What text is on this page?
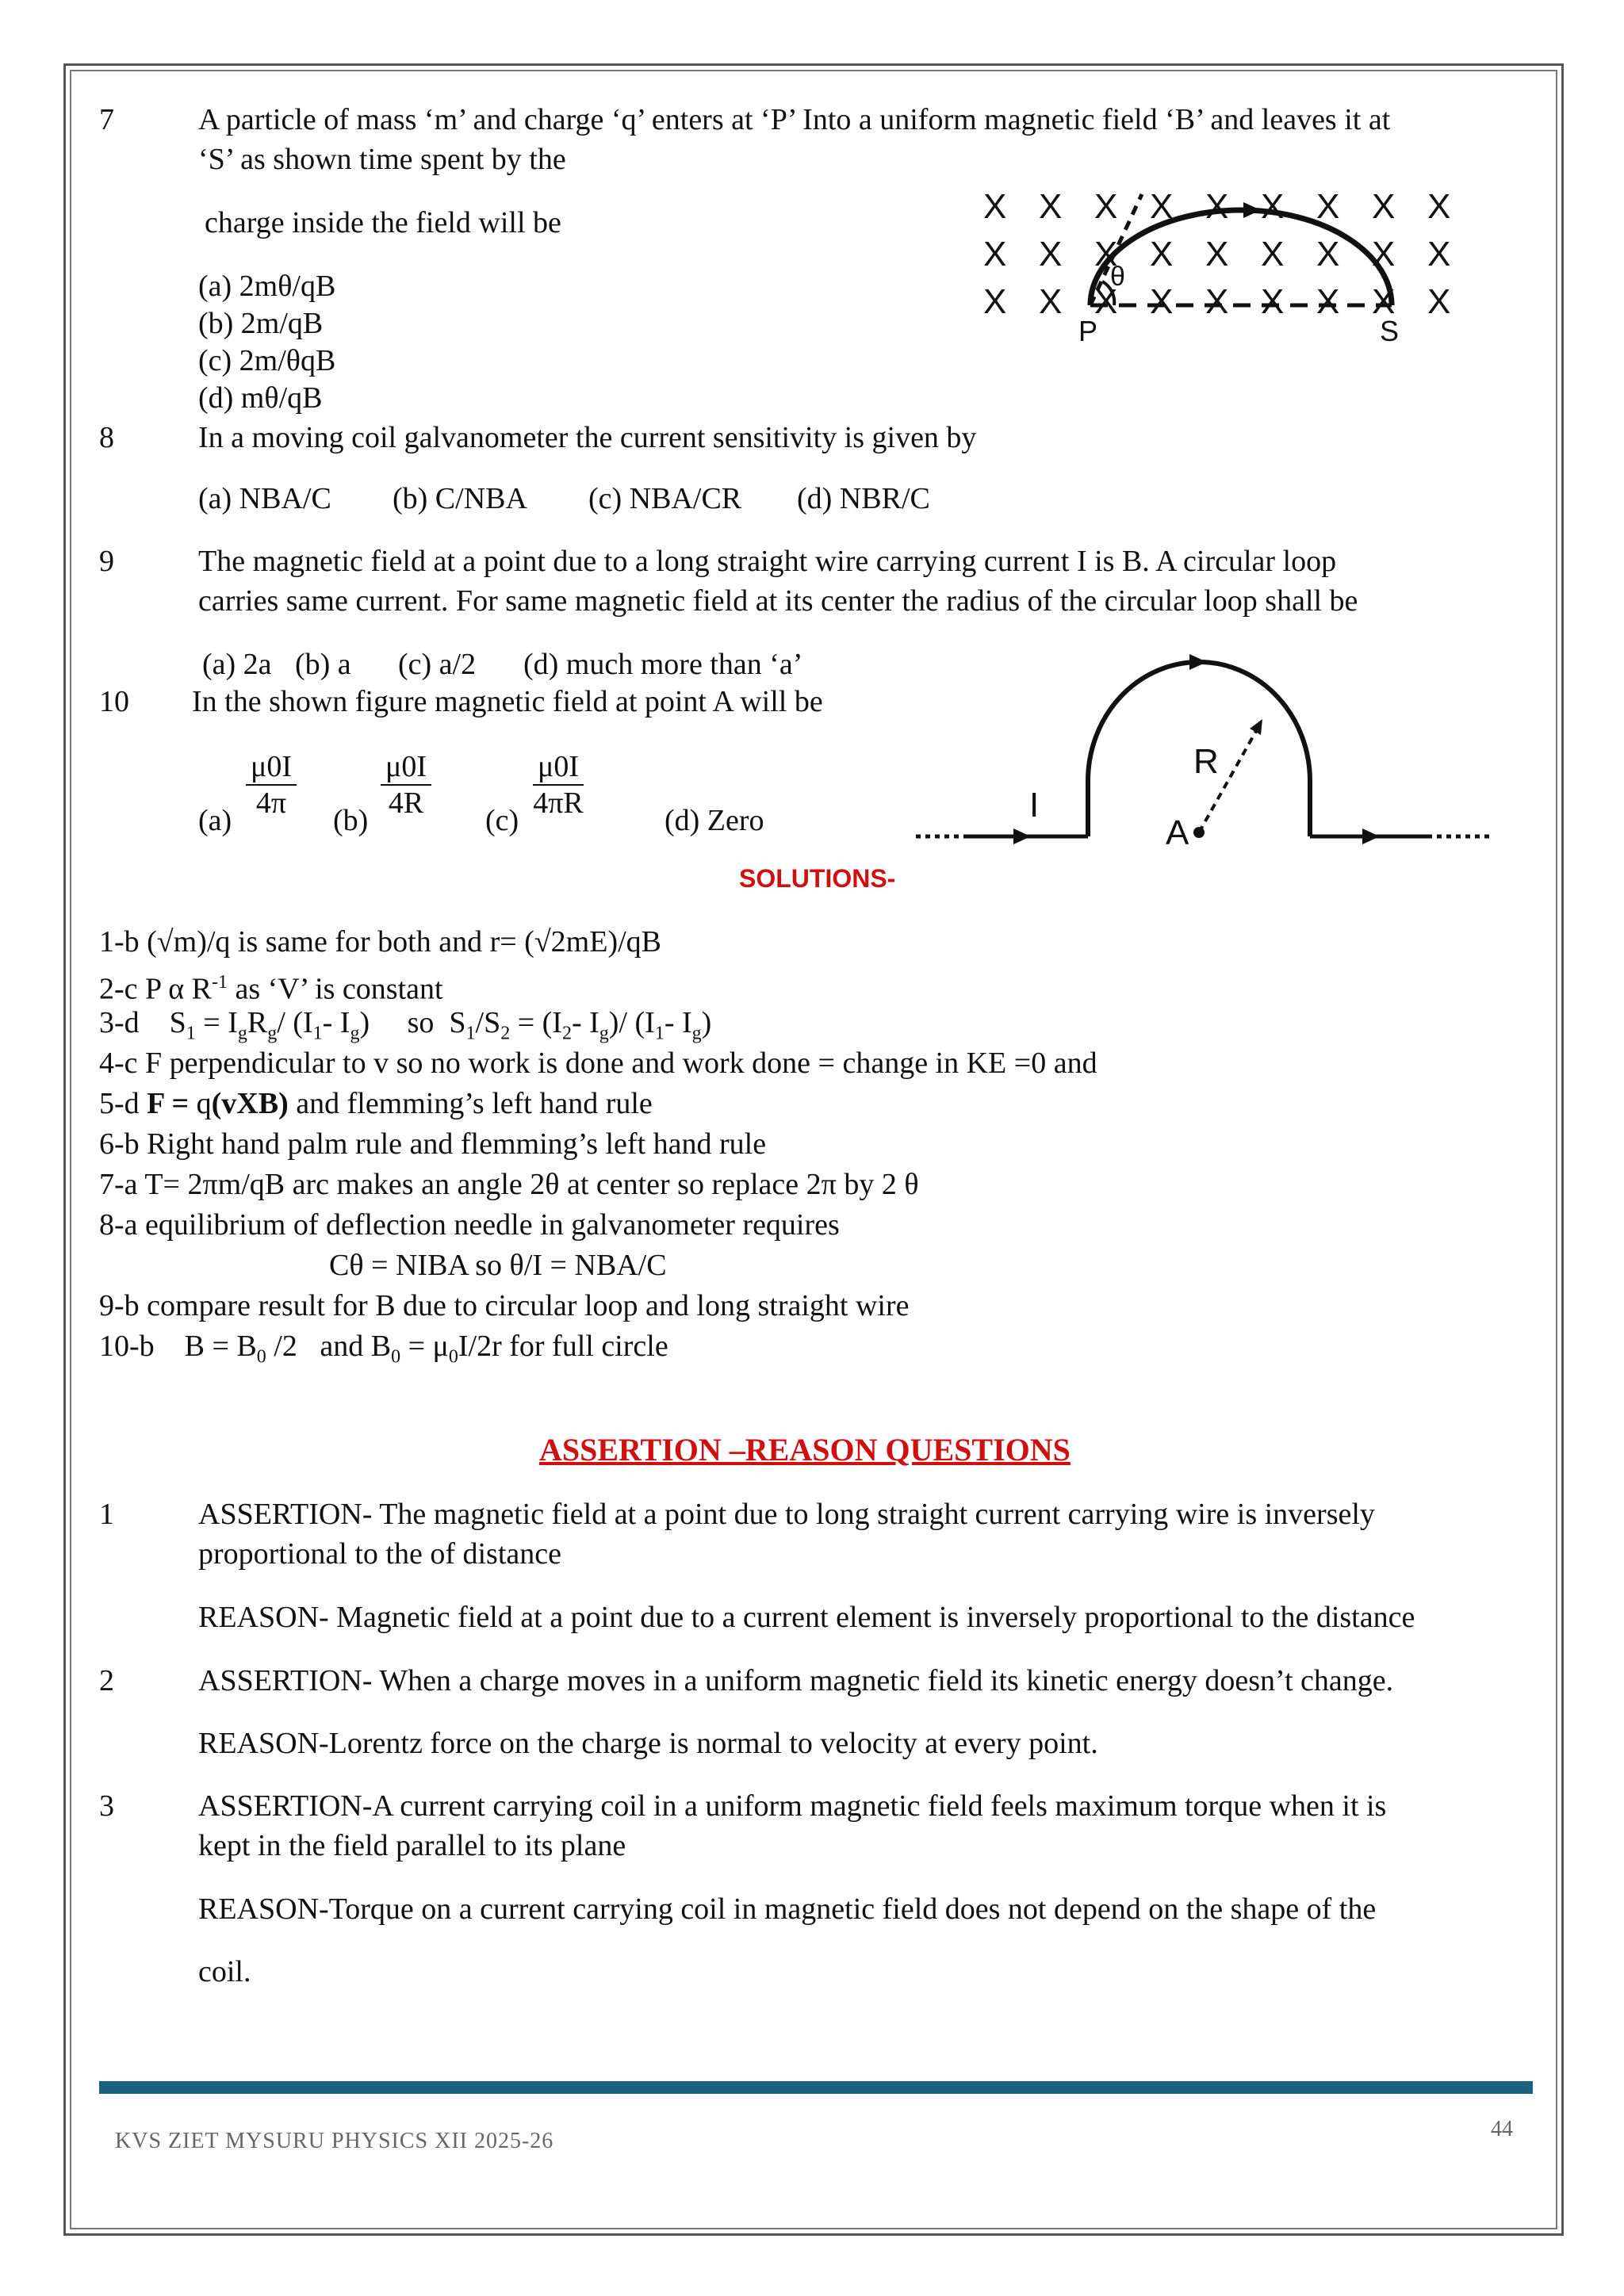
7	A particle of mass ‘m’ and charge ‘q’ enters at ‘P’ Into a uniform magnetic field ‘B’ and leaves it at
‘S’ as shown time spent by the
charge inside the field will be
(a) 2mθ/qB
(b) 2m/qB
(c) 2m/θqB
(d) mθ/qB
X X X X X X X X X
X X X X X X X X X
X X X X X X X X X
θ
P	S
8	In a moving coil galvanometer the current sensitivity is given by
(a) NBA/C (b) C/NBA (c) NBA/CR (d) NBR/C
9	The magnetic field at a point due to a long straight wire carrying current I is B. A circular loop
carries same current. For same magnetic field at its center the radius of the circular loop shall be
(a) 2a (b) a (c) a/2 (d) much more than ‘a’
10 In the shown figure magnetic field at point A will be
$(a) \frac{\mu 0I}{4\pi} (b) \frac{\mu 0I}{4R} (c) \frac{\mu 0I}{4\pi R}$	(d) Zero	I
R
A
SOLUTIONS-
1-b (√m)/q is same for both and r= (√2mE)/qB
2-c P α $R^{-1}$ as ‘V’ is constant
3-d    $S_1 = I_gR_g/$ ($I_1-$ $I_g$)     so  $S_1/S_2 = (I_2-$ $I_g)/$ ($I_1-$ $I_g$)
4-c F perpendicular to v so no work is done and work done = change in KE =0 and
5-d F = q(vXB) and flemming’s left hand rule
6-b Right hand palm rule and flemming’s left hand rule
7-a T= 2πm/qB arc makes an angle 2θ at center so replace 2π by 2 θ
8-a equilibrium of deflection needle in galvanometer requires
Cθ = NIBA so θ/I = NBA/C
9-b compare result for B due to circular loop and long straight wire
10-b    $B = B_0$ /2   and $B_0 = \mu_0I/2r$ for full circle
ASSERTION –REASON QUESTIONS
1	ASSERTION- The magnetic field at a point due to long straight current carrying wire is inversely
proportional to the of distance
REASON- Magnetic field at a point due to a current element is inversely proportional to the distance
2	ASSERTION- When a charge moves in a uniform magnetic field its kinetic energy doesn’t change.
REASON-Lorentz force on the charge is normal to velocity at every point.
3	ASSERTION-A current carrying coil in a uniform magnetic field feels maximum torque when it is
kept in the field parallel to its plane
REASON-Torque on a current carrying coil in magnetic field does not depend on the shape of the
coil.
KVS ZIET MYSURU PHYSICS XII 2025-26	44
